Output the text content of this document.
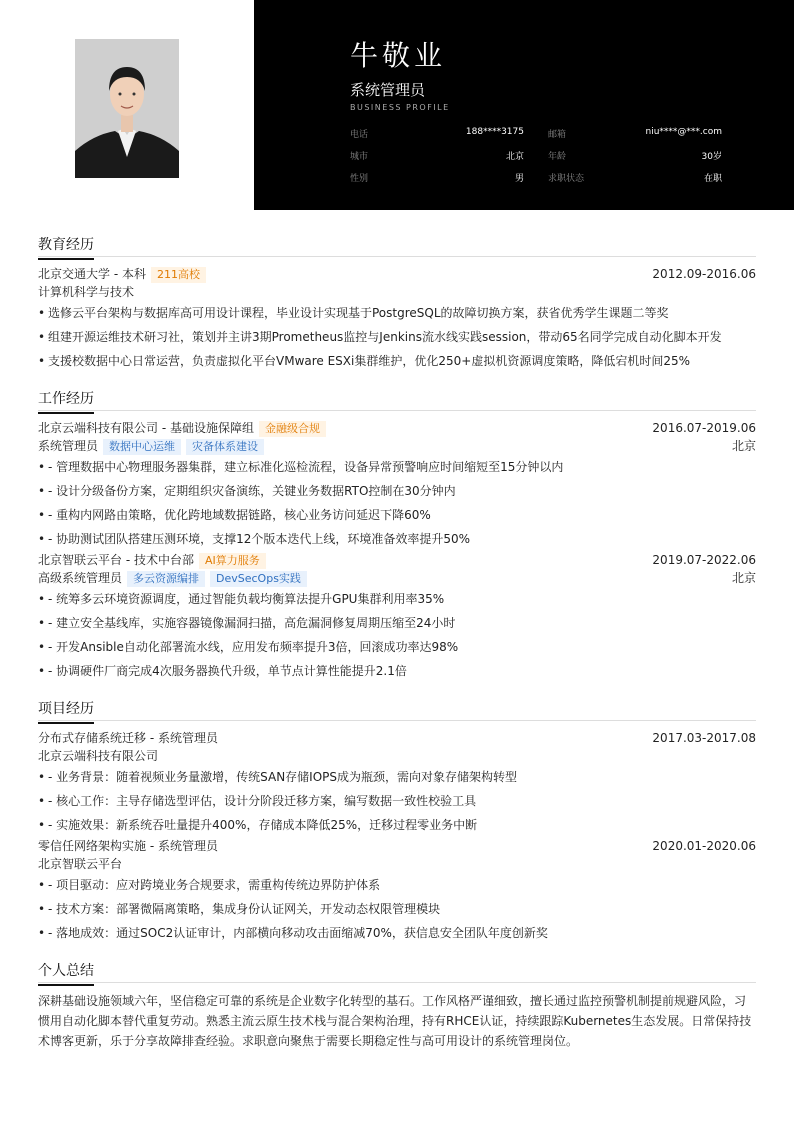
牛敬业
系统管理员
BUSINESS PROFILE
电话	188****3175	邮箱	niu****@***.com
城市	北京	年龄	30岁
性别	男	求职状态	在职
教育经历
北京交通大学 - 本科 211高校	2012.09-2016.06
计算机科学与技术
• 选修云平台架构与数据库高可用设计课程，毕业设计实现基于PostgreSQL的故障切换方案，获省优秀学生课题二等奖
• 组建开源运维技术研习社，策划并主讲3期Prometheus监控与Jenkins流水线实践session，带动65名同学完成自动化脚本开发
• 支援校数据中心日常运营，负责虚拟化平台VMware ESXi集群维护，优化250+虚拟机资源调度策略，降低宕机时间25%
工作经历
北京云端科技有限公司 - 基础设施保障组 金融级合规	2016.07-2019.06
系统管理员 数据中心运维 灾备体系建设	北京
• - 管理数据中心物理服务器集群，建立标准化巡检流程，设备异常预警响应时间缩短至15分钟以内
• - 设计分级备份方案，定期组织灾备演练，关键业务数据RTO控制在30分钟内
• - 重构内网路由策略，优化跨地域数据链路，核心业务访问延迟下降60%
• - 协助测试团队搭建压测环境，支撑12个版本迭代上线，环境准备效率提升50%
北京智联云平台 - 技术中台部 AI算力服务	2019.07-2022.06
高级系统管理员 多云资源编排 DevSecOps实践	北京
• - 统筹多云环境资源调度，通过智能负载均衡算法提升GPU集群利用率35%
• - 建立安全基线库，实施容器镜像漏洞扫描，高危漏洞修复周期压缩至24小时
• - 开发Ansible自动化部署流水线，应用发布频率提升3倍，回滚成功率达98%
• - 协调硬件厂商完成4次服务器换代升级，单节点计算性能提升2.1倍
项目经历
分布式存储系统迁移 - 系统管理员	2017.03-2017.08
北京云端科技有限公司
• - 业务背景：随着视频业务量激增，传统SAN存储IOPS成为瓶颈，需向对象存储架构转型
• - 核心工作：主导存储选型评估，设计分阶段迁移方案，编写数据一致性校验工具
• - 实施效果：新系统吞吐量提升400%，存储成本降低25%，迁移过程零业务中断
零信任网络架构实施 - 系统管理员	2020.01-2020.06
北京智联云平台
• - 项目驱动：应对跨境业务合规要求，需重构传统边界防护体系
• - 技术方案：部署微隔离策略，集成身份认证网关，开发动态权限管理模块
• - 落地成效：通过SOC2认证审计，内部横向移动攻击面缩减70%，获信息安全团队年度创新奖
个人总结
深耕基础设施领域六年，坚信稳定可靠的系统是企业数字化转型的基石。工作风格严谨细致，擅长通过监控预警机制提前规避风险，习惯用自动化脚本替代重复劳动。熟悉主流云原生技术栈与混合架构治理，持有RHCE认证，持续跟踪Kubernetes生态发展。日常保持技术博客更新，乐于分享故障排查经验。求职意向聚焦于需要长期稳定性与高可用设计的系统管理岗位。
